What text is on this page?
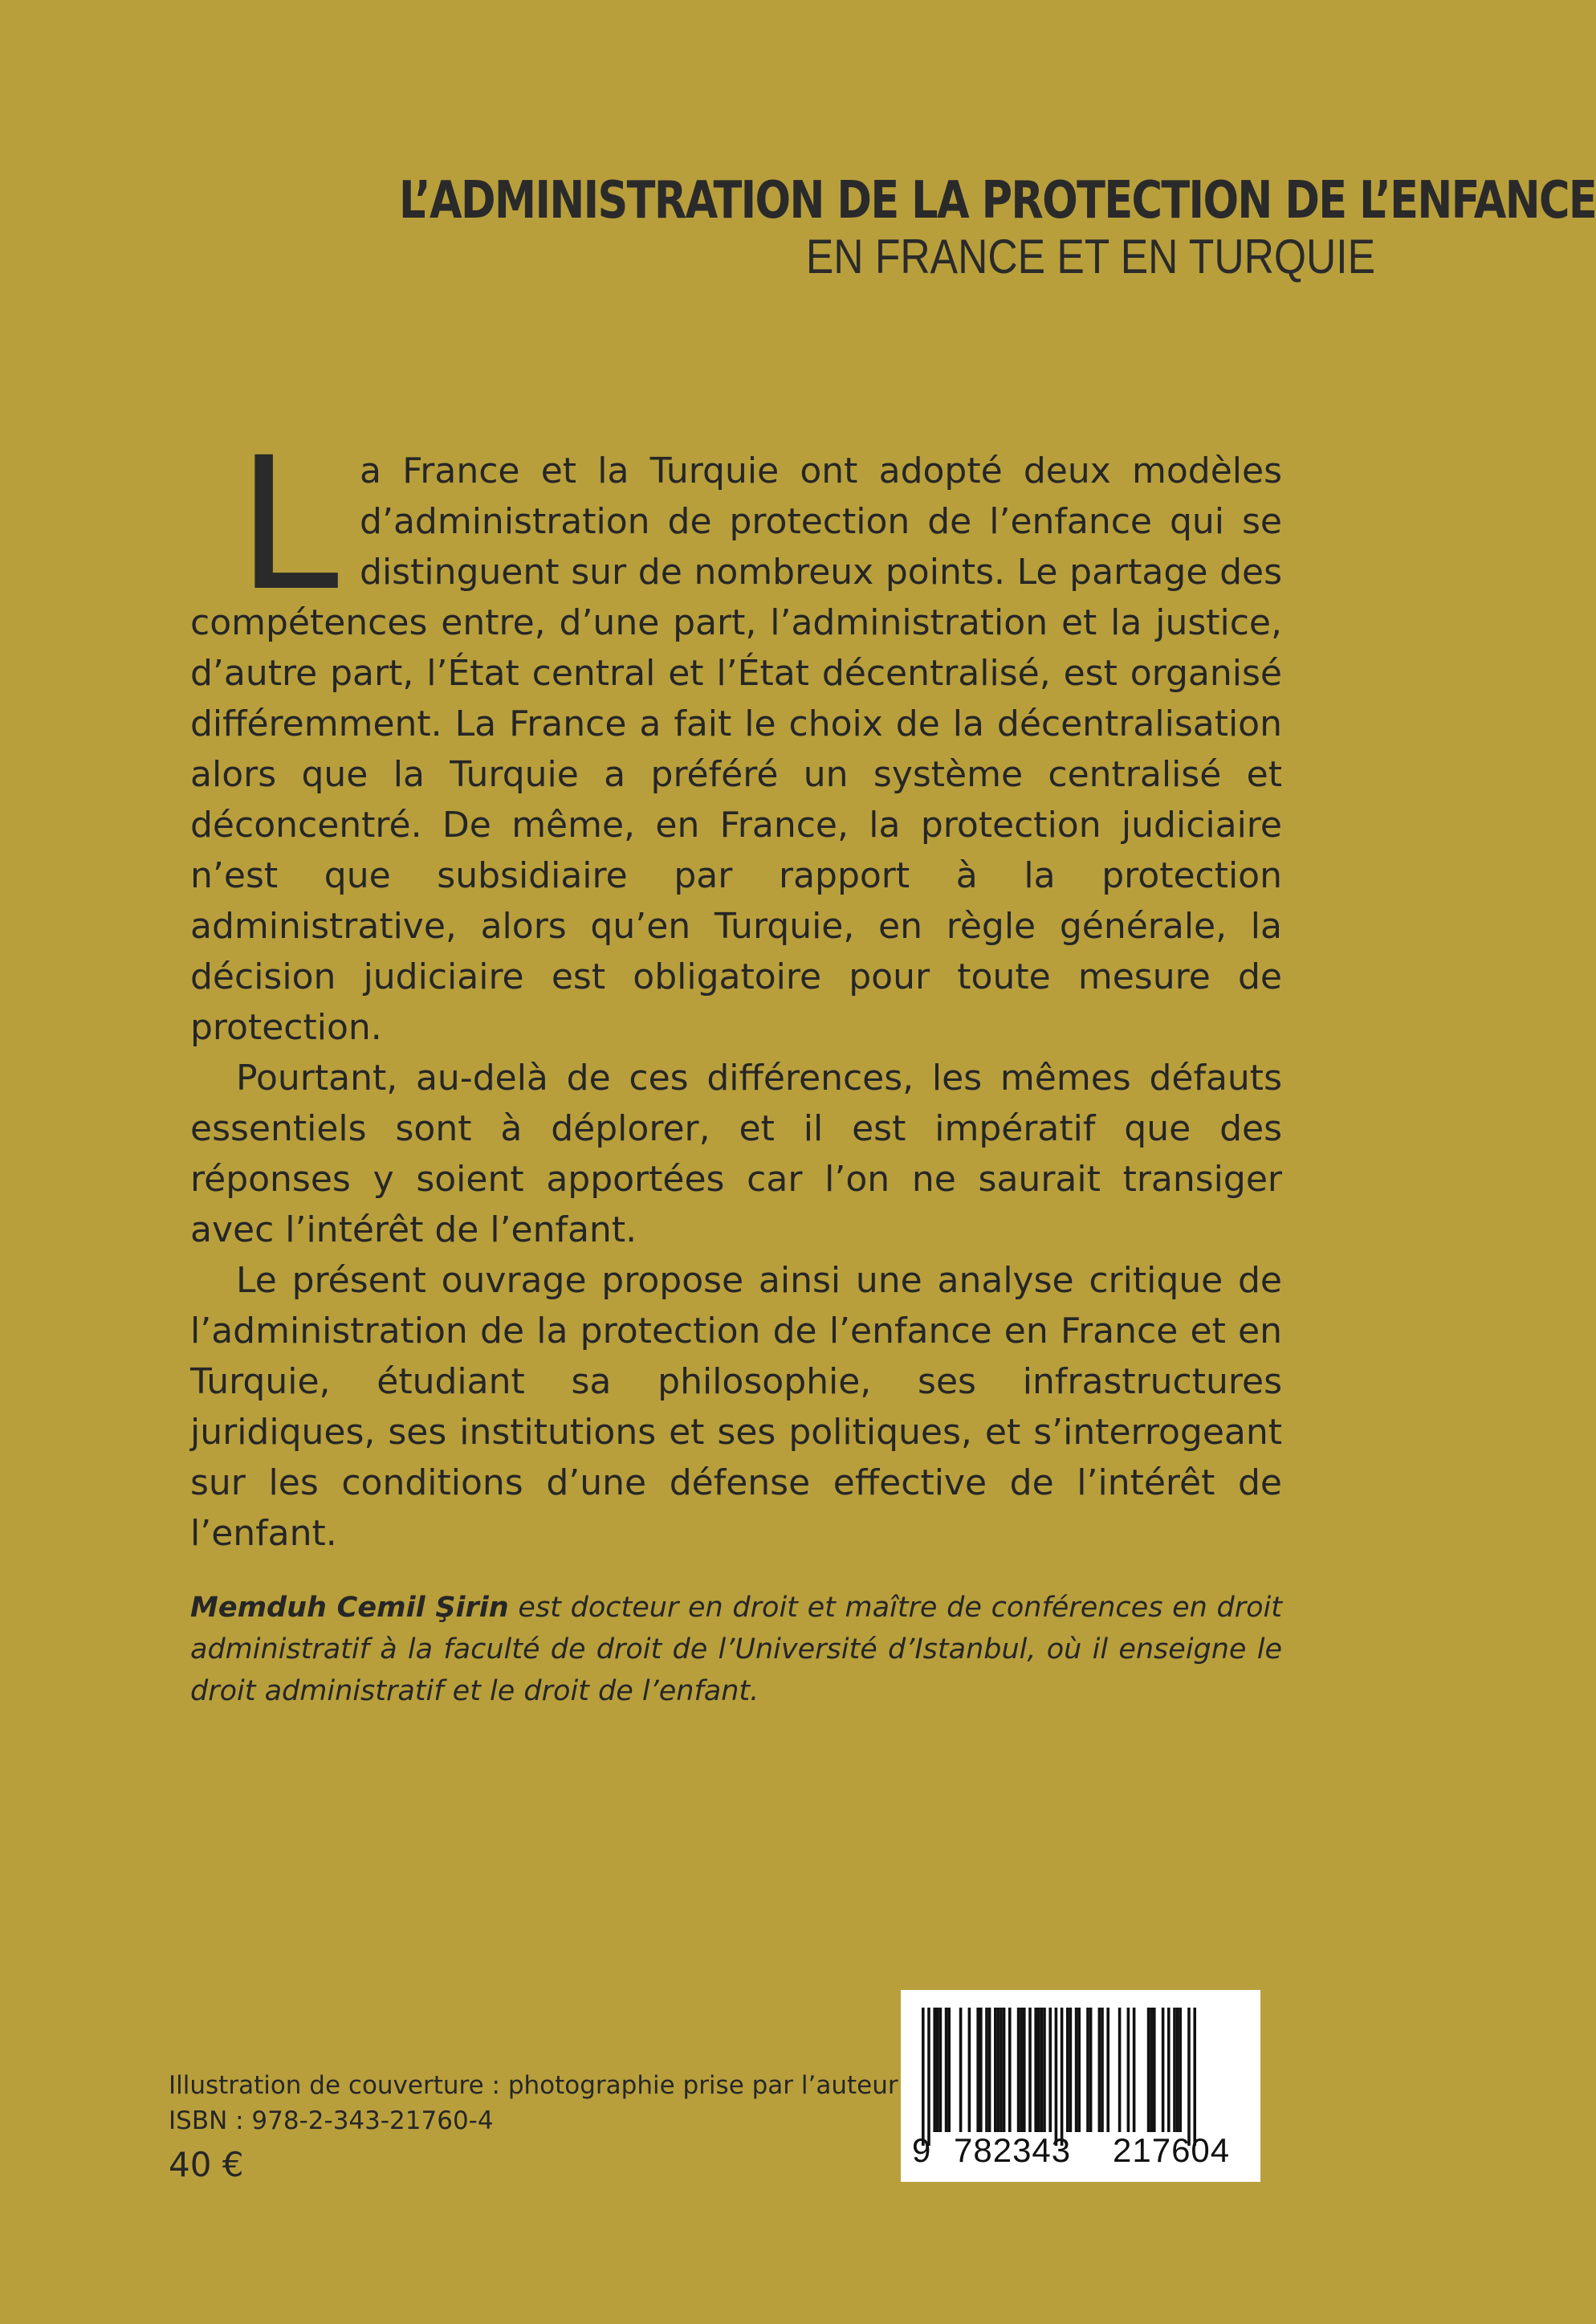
L’ADMINISTRATION DE LA PROTECTION DE L’ENFANCE
EN FRANCE ET EN TURQUIE

La France et la Turquie ont adopté deux modèles d’administration de protection de l’enfance qui se distinguent sur de nombreux points. Le partage des compétences entre, d’une part, l’administration et la justice, d’autre part, l’État central et l’État décentralisé, est organisé différemment. La France a fait le choix de la décentralisation alors que la Turquie a préféré un système centralisé et déconcentré. De même, en France, la protection judiciaire n’est que subsidiaire par rapport à la protection administrative, alors qu’en Turquie, en règle générale, la décision judiciaire est obligatoire pour toute mesure de protection.

Pourtant, au-delà de ces différences, les mêmes défauts essentiels sont à déplorer, et il est impératif que des réponses y soient apportées car l’on ne saurait transiger avec l’intérêt de l’enfant.

Le présent ouvrage propose ainsi une analyse critique de l’administration de la protection de l’enfance en France et en Turquie, étudiant sa philosophie, ses infrastructures juridiques, ses institutions et ses politiques, et s’interrogeant sur les conditions d’une défense effective de l’intérêt de l’enfant.

Memduh Cemil Şirin est docteur en droit et maître de conférences en droit administratif à la faculté de droit de l’Université d’Istanbul, où il enseigne le droit administratif et le droit de l’enfant.
Illustration de couverture : photographie prise par l’auteur
ISBN : 978-2-343-21760-4
40 €

	9

782343

217604
